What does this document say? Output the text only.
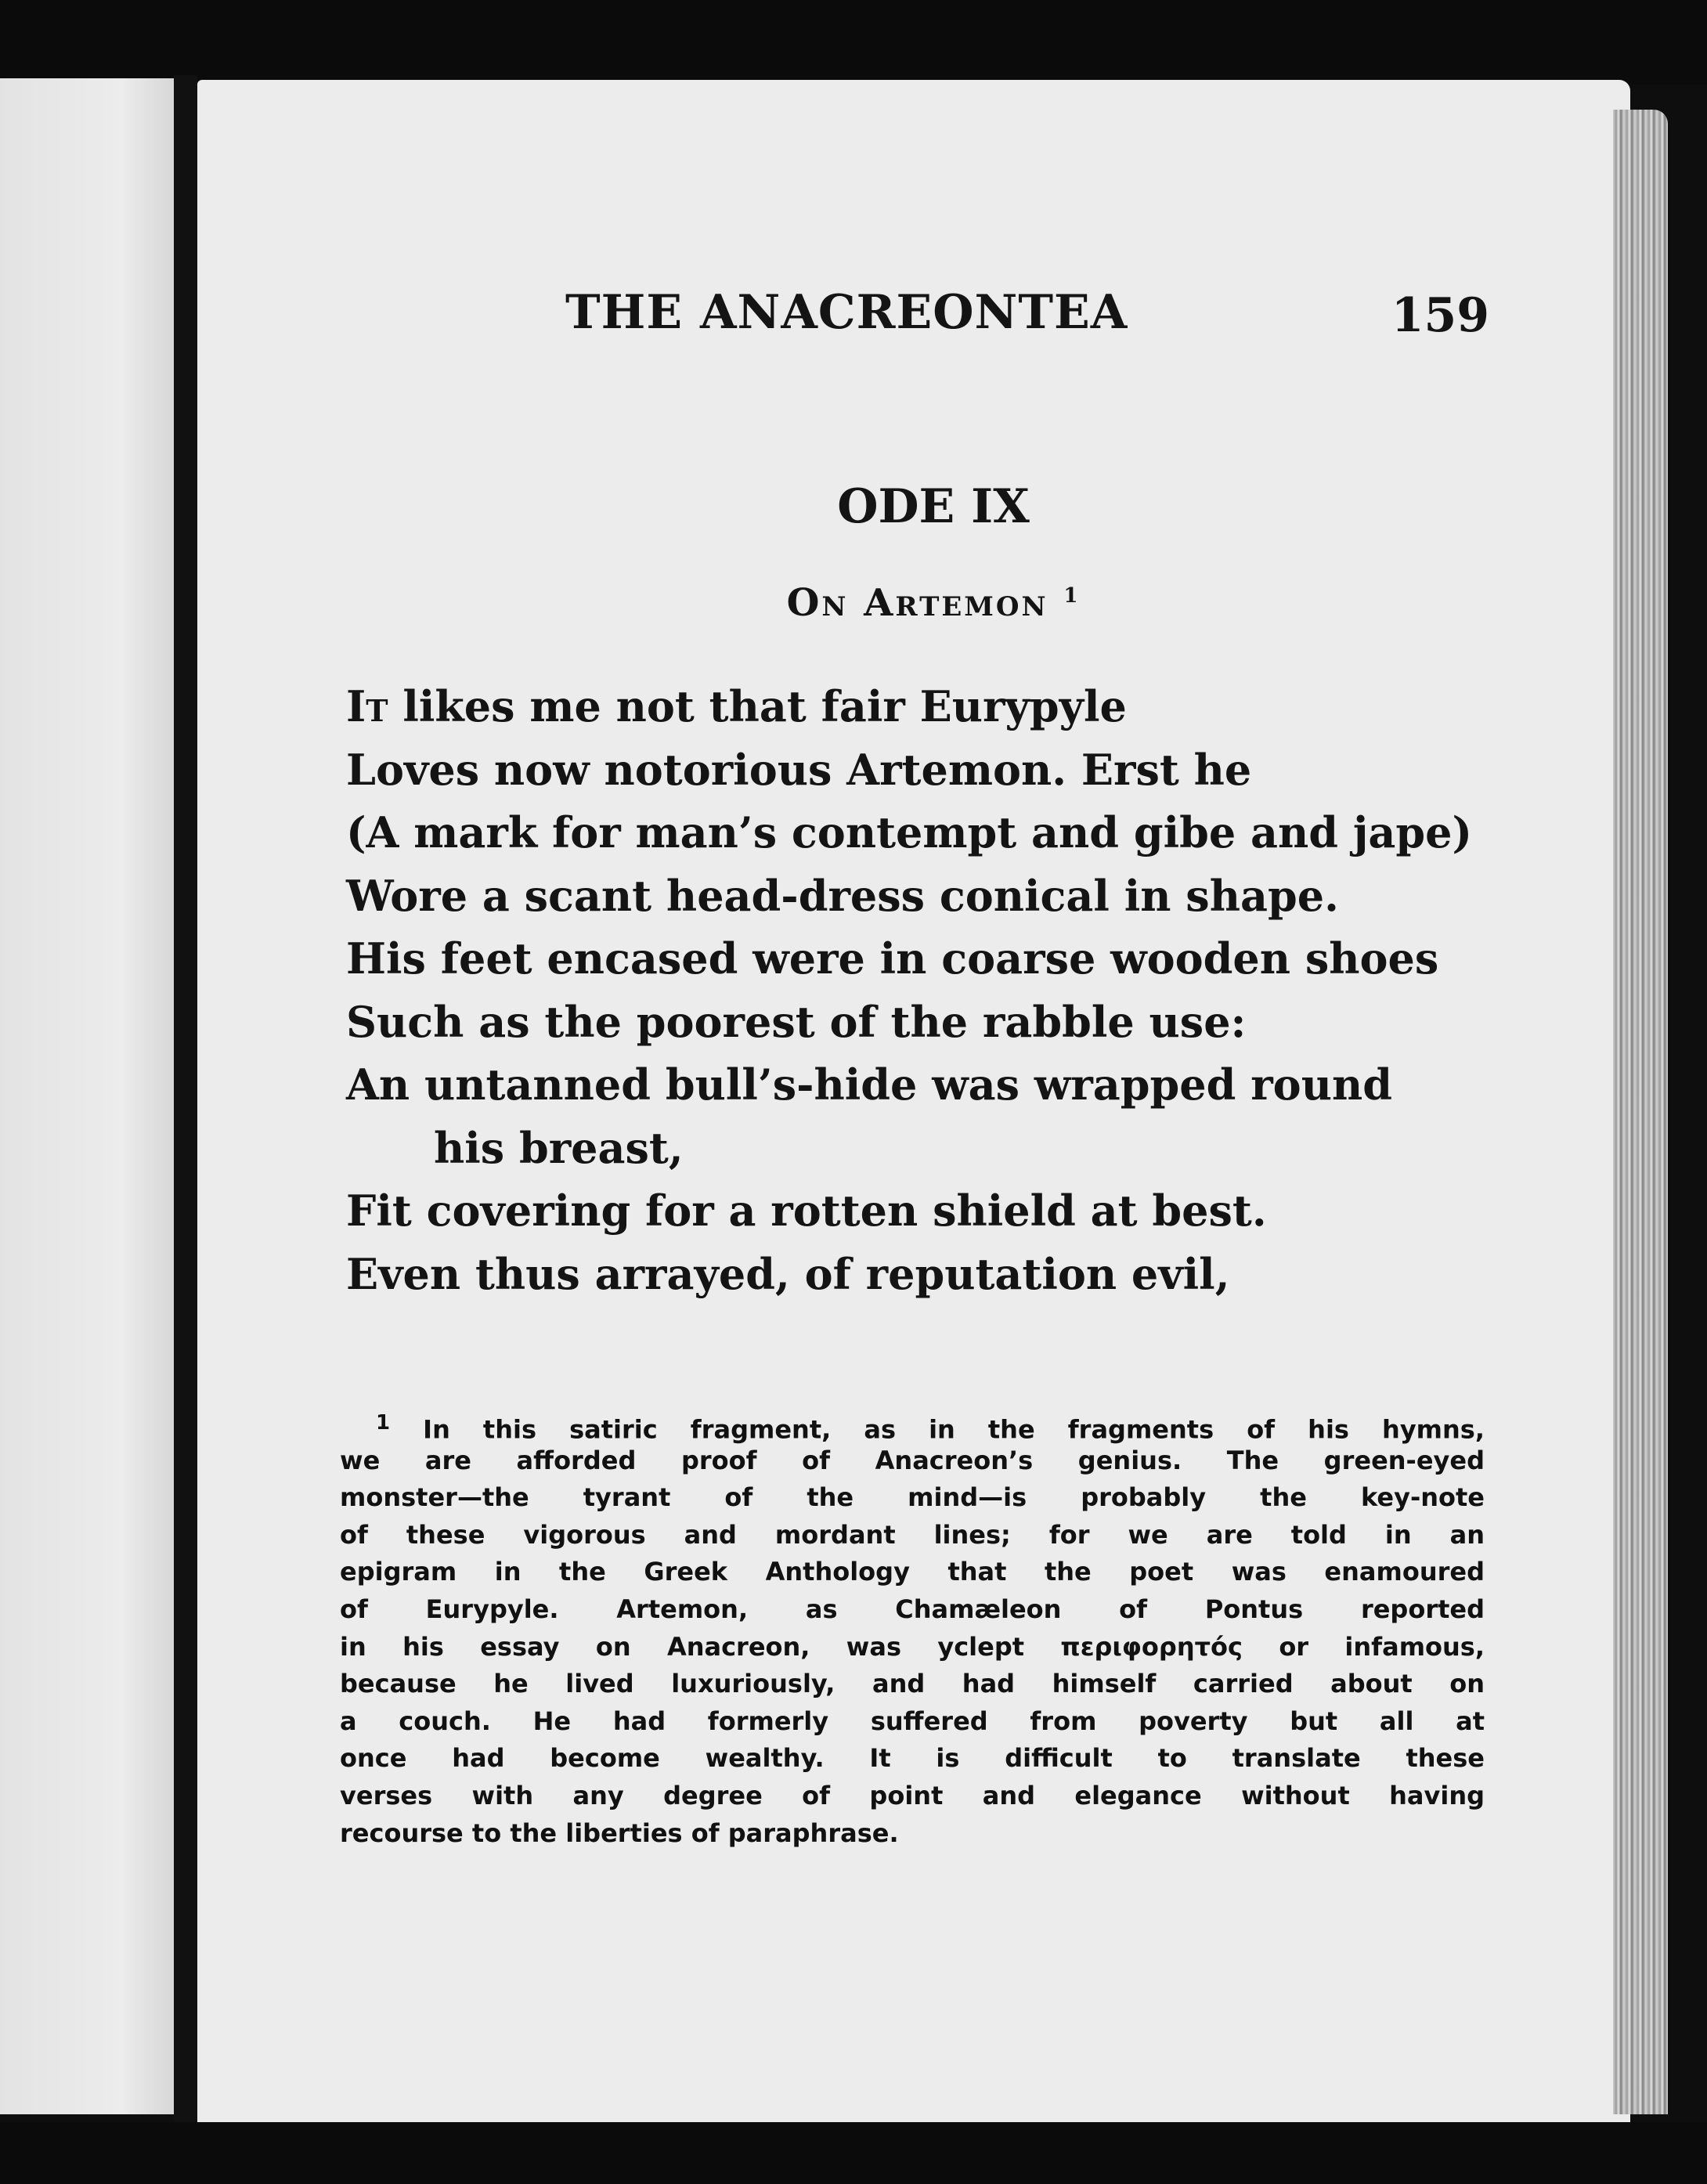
THE ANACREONTEA	159
ODE IX
On Artemon $^1$
It likes me not that fair Eurypyle
Loves now notorious Artemon. Erst he
(A mark for man’s contempt and gibe and jape)
Wore a scant head-dress conical in shape.
His feet encased were in coarse wooden shoes
Such as the poorest of the rabble use:
An untanned bull’s-hide was wrapped round
his breast,
Fit covering for a rotten shield at best.
Even thus arrayed, of reputation evil,
$^1$ In this satiric fragment, as in the fragments of his hymns,
we are afforded proof of Anacreon’s genius. The green-eyed
monster—the tyrant of the mind—is probably the key-note
of these vigorous and mordant lines; for we are told in an
epigram in the Greek Anthology that the poet was enamoured
of Eurypyle. Artemon, as Chamæleon of Pontus reported
in his essay on Anacreon, was yclept περιφορητός or infamous,
because he lived luxuriously, and had himself carried about on
a couch. He had formerly suffered from poverty but all at
once had become wealthy. It is difficult to translate these
verses with any degree of point and elegance without having
recourse to the liberties of paraphrase.
